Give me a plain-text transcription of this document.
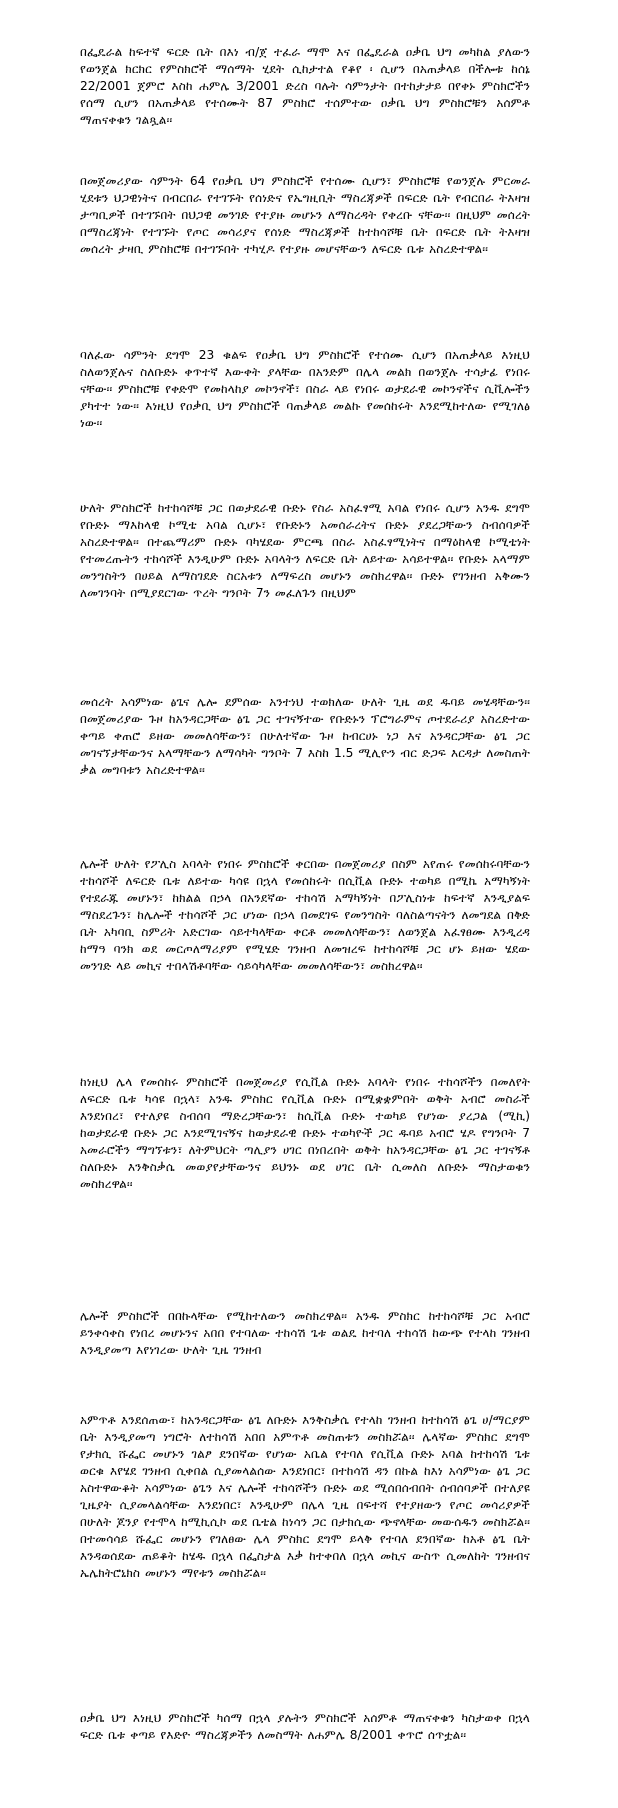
በፌዴራል ከፍተኛ ፍርድ ቤት በእነ ብ/ጀ ተፈራ ማሞ እና በፌዴራል ዐቃቤ ህግ መካከል ያለውን የወንጀል ክርክር የምስክሮች ማሰማት ሂደት ሲከታተል የቆየ ፡ ሲሆን በአጠቃላይ በችሎቱ ከሰኔ 22/2001 ጀምሮ እስከ ሐምሌ 3/2001 ድረስ ባሉት ሳምንታት በተከታታይ በየቀኑ ምስክሮችን የሰማ ሲሆን በአጠቃላይ የተሰሙት 87 ምስክሮ ተሰምተው ዐቃቤ ህግ ምስክሮቹን አሰምቶ ማጠናቀቁን ገልጿል፡፡

በመጀመሪያው ሳምንት 64 የዐቃቤ ህግ ምስክሮች የተሰሙ ሲሆን፣ ምስክሮቹ የወንጀሉ ምርመራ ሂደቱን ህጋዊነትና በብርበራ የተገኙት የሰነድና የኤግዚቢት ማስረጃዎች በፍርድ ቤት የብርበራ ትእዛዝ ታጣቢዎች በተገኙበት በህጋዊ መንገድ የተያዙ መሆኑን ለማስረዳት የቀረቡ ናቸው፡፡ በዚህም መሰረት በማስረጃነት የተገኙት የጦር መሳሪያና የሰነድ ማስረጃዎች ከተከሳሾቹ ቤት በፍርድ ቤት ትእዛዝ መሰረት ታዛቢ ምስክሮቹ በተገኙበት ተካሂዶ የተያዙ መሆናቸውን ለፍርድ ቤቱ አስረድተዋል፡፡

ባለፈው ሳምንት ደግሞ 23 ቁልፍ የዐቃቤ ህግ ምስክሮች የተሰሙ ሲሆን በአጠቃላይ እነዚህ ስለወንጀሉና ስለቡድኑ ቀጥተኛ እውቀት ያላቸው በአንድም በሌላ መልክ በወንጀሉ ተሳታፊ የነበሩ ናቸው፡፡ ምስክሮቹ የቀድሞ የመከላከያ መኮንኖች፣ በስራ ላይ የነበሩ ወታደራዊ መኮንኖችና ሲቪሎችን ያካተተ ነው፡፡ እነዚህ የዐቃቢ ህግ ምስክሮች ባጠቃላይ መልኩ የመሰከሩት እንደሚከተለው የሚገለፅ ነው፡፡

ሁለት ምስክሮች ከተከሳሾቹ ጋር በወታደራዊ ቡድኑ የስራ አስፈፃሚ አባል የነበሩ ሲሆን አንዱ ደግሞ የቡድኑ ማእከላዊ ኮሚቴ አባል ሲሆኑ፣ የቡድኑን አመሰራረትና ቡድኑ ያደረጋቸውን ስብሰባዎች አስረድተዋል፡፡ በተጨማሪም ቡድኑ ባካሄደው ምርጫ በስራ አስፈፃሚነትና በማዕከላዊ ኮሚቴነት የተመረጡትን ተከሳሾች እንዲሁም ቡድኑ አባላትን ለፍርድ ቤት ለይተው አሳይተዋል፡፡ የቡድኑ አላማም መንግስትን በሀይል ለማስገደድ ስርአቱን ለማፍረስ መሆኑን መስክረዋል፡፡ ቡድኑ የገንዘብ አቅሙን ለመገንባት በሚያደርገው ጥረት ግንቦት 7ን መፈለጉን በዚህም

መሰረት አሳምነው ፅጌና ሌሎ ደምሰው አንተነህ ተወክለው ሁለት ጊዜ ወደ ዱባይ መሄዳቸውን፡፡ በመጀመሪያው ጉዞ ከአንዳርጋቸው ፅጌ ጋር ተገናኝተው የቡድኑን ፕሮግራምና ጦተደራሪያ አስረድተው ቀጣይ ቀጠሮ ይዘው መመለሳቸውን፣ በሁለተኛው ጉዞ ከብርሀኑ ነጋ እና አንዳርጋቸው ፅጌ ጋር መገናኘታቸውንና አላማቸውን ለማሳካት ግንቦት 7 እስከ 1.5 ሚሊዮን ብር ድጋፍ እርዳታ ለመስጠት ቃል መግባቱን አስረድተዋል፡፡

ሌሎች ሁለት የፖሊስ አባላት የነበሩ ምስክሮች ቀርበው በመጀመሪያ በስም አየጠሩ የመሰከሩባቸውን ተከሳሾች ለፍርድ ቤቱ ለይተው ካሳዩ በኋላ የመሰከሩት በሲቪል ቡድኑ ተወካይ በሚኬ አማካኝነት የተደራጁ መሆኑን፣ ከክልል በኃላ በአንደኛው ተከሳሽ አማካኝነት በፖሊስነቱ ከፍተኛ እንዲያልፍ ማስደረጉን፣ ከሌሎች ተከሳሾች ጋር ሆነው በኃላ በመደገፍ የመንግስት ባለስልጣናትን ለመግደል በቅድ ቤት አካባቢ ስምሪት አድርገው ሳይተካላቸው ቀርቶ መመለሳቸውን፣ ለወንጀል አፈፃፀሙ እንዲረዳ ከማዓ ባንክ ወደ መርጦለማሪያም የሚሄድ ገንዘብ ለመዝረፍ ከተከሳሾቹ ጋር ሆኑ ይዘው ሄደው መንገድ ላይ መኪና ተበላሽቶባቸው ሳይሳካላቸው መመለሳቸውን፣ መስክረዋል፡፡

ከነዚህ ሌላ የመሰከሩ ምስክሮች በመጀመሪያ የሲቪል ቡድኑ አባላት የነበሩ ተከሳሾችን በመለየት ለፍርድ ቤቱ ካሳዩ በኋላ፣ አንዱ ምስክር የሲቪል ቡድኑ በሚቋቋምበት ወቅት አብሮ መስራች እንደነበረ፣ የተለያዩ ስብሰባ ማድረጋቸውን፣ ከሲቪል ቡድኑ ተወካይ የሆነው ያረጋል (ሚኪ) ከወታደራዊ ቡድኑ ጋር እንደሚገናኝና ከወታደራዊ ቡድኑ ተወካዮች ጋር ዱባይ አብሮ ሄዶ የግንቦት 7 አመራሮችን ማግኘቱን፣ ለትምህርት ጣሊያን ሀገር በነበረበት ወቅት ከአንዳርጋቸው ፅጌ ጋር ተገናኝቶ ስለቡድኑ እንቅስቃሴ መወያየታቸውንና ይህንኑ ወደ ሀገር ቤት ሲመለስ ለቡድኑ ማስታወቁን መስክረዋል፡፡

ሌሎች ምስክሮች በበኩላቸው የሚከተለውን መስክረዋል፡፡ አንዱ ምስክር ከተከሳሾቹ ጋር አብሮ ይንቀሳቀስ የነበረ መሆኑንና አበበ የተባለው ተከሳሽ ጌቱ ወልዴ ከተባለ ተከሳሽ ከውጭ የተላከ ገንዘብ እንዲያመጣ እየነገረው ሁለት ጊዜ ገንዘብ

አምጥቶ እንደሰጠው፣ ከአንዳርጋቸው ፅጌ ለቡድኑ እንቅስቃሴ የተላከ ገንዘብ ከተከሳሽ ፅጌ ሀ/ማርያም ቤት እንዲያመጣ ነግሮት ለተከሳሽ አበበ አምጥቶ መስጠቱን መስክሯል፡፡ ሌላኛው ምስክር ደግሞ የታክሲ ሹፌር መሆኑን ገልፆ ደንበኛው የሆነው አቤል የተባለ የሲቪል ቡድኑ አባል ከተከሳሽ ጌቱ ወርቁ እየሄደ ገንዘብ ሲቀበል ሲያመላልሰው እንደነበር፣ በተከሳሽ ዳን በኩል ከእነ አሳምነው ፅጌ ጋር አስተዋውቆት አሳምነው ፅጌን እና ሌሎች ተከሳሾችን ቡድኑ ወደ ሚሰበሰብበት ሰብሰባዎች በተለያዩ ጊዜያት ሲያመላልሳቸው እንደነበር፣ እንዲሁም በሌላ ጊዜ በፍተሻ የተያዘውን የጦር መሳሪያዎች በሁለት ጆንያ የተሞላ ከሚኪሲኮ ወደ ቤቴል ከነሳን ጋር በታክሲው ጭኖላቸው መውሰዱን መስክሯል፡፡ በተመሳሳይ ሹፌር መሆኑን የገለፀው ሌላ ምስክር ደግሞ ይላቅ የተባለ ደንበኛው ከአቶ ፅጌ ቤት እንዳወሰደው ጠይቆት ከሄዱ በኋላ በፌስታል እቃ ከተቀበለ በኋላ መኪና ውስጥ ሲመለከት ገንዘብና ኤሌክትሮኒክስ መሆኑን ማየቱን መስክሯል፡፡

ዐቃቤ ህግ እነዚህ ምስክሮች ካሰማ በኋላ ያሉትን ምስክሮች አሰምቶ ማጠናቀቁን ካስታወቀ በኋላ ፍርድ ቤቱ ቀጣይ የእድዮ ማስረጃዎችን ለመስማት ለሐምሌ 8/2001 ቀጥሮ ሰጥቷል፡፡
